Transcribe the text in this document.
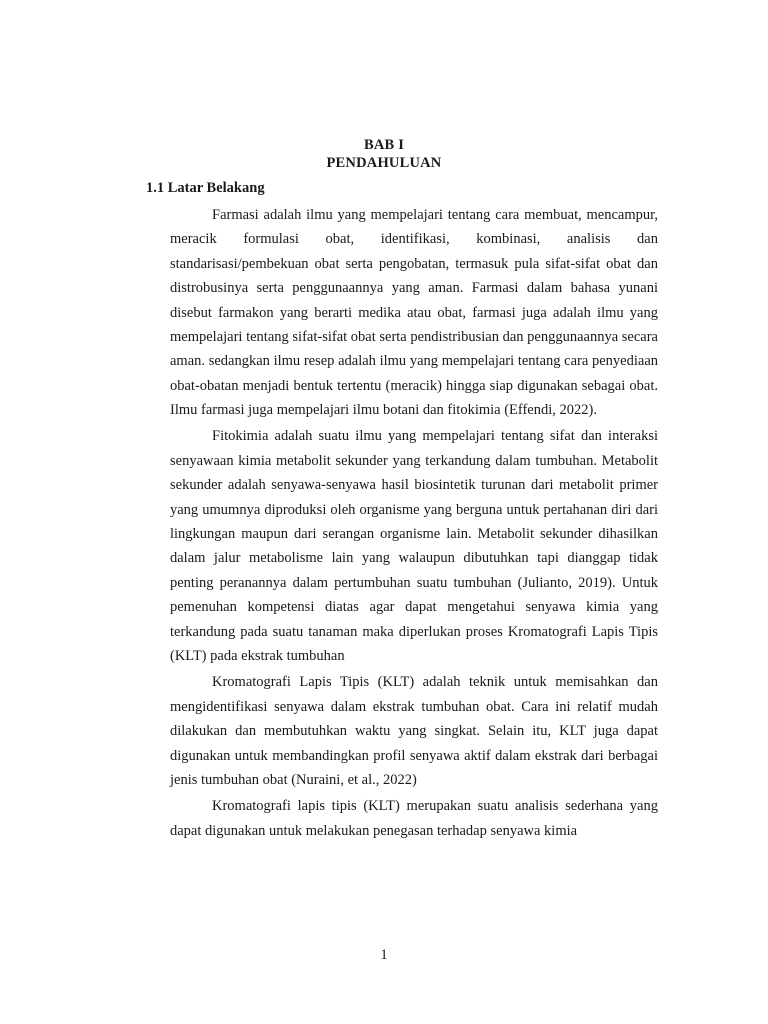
BAB I
PENDAHULUAN
1.1 Latar Belakang

Farmasi adalah ilmu yang mempelajari tentang cara membuat, mencampur, meracik formulasi obat, identifikasi, kombinasi, analisis dan standarisasi/pembekuan obat serta pengobatan, termasuk pula sifat-sifat obat dan distrobusinya serta penggunaannya yang aman. Farmasi dalam bahasa yunani disebut farmakon yang berarti medika atau obat, farmasi juga adalah ilmu yang mempelajari tentang sifat-sifat obat serta pendistribusian dan penggunaannya secara aman. sedangkan ilmu resep adalah ilmu yang mempelajari tentang cara penyediaan obat-obatan menjadi bentuk tertentu (meracik) hingga siap digunakan sebagai obat. Ilmu farmasi juga mempelajari ilmu botani dan fitokimia (Effendi, 2022).

Fitokimia adalah suatu ilmu yang mempelajari tentang sifat dan interaksi senyawaan kimia metabolit sekunder yang terkandung dalam tumbuhan. Metabolit sekunder adalah senyawa-senyawa hasil biosintetik turunan dari metabolit primer yang umumnya diproduksi oleh organisme yang berguna untuk pertahanan diri dari lingkungan maupun dari serangan organisme lain. Metabolit sekunder dihasilkan dalam jalur metabolisme lain yang walaupun dibutuhkan tapi dianggap tidak penting peranannya dalam pertumbuhan suatu tumbuhan (Julianto, 2019). Untuk pemenuhan kompetensi diatas agar dapat mengetahui senyawa kimia yang terkandung pada suatu tanaman maka diperlukan proses Kromatografi Lapis Tipis (KLT) pada ekstrak tumbuhan

Kromatografi Lapis Tipis (KLT) adalah teknik untuk memisahkan dan mengidentifikasi senyawa dalam ekstrak tumbuhan obat. Cara ini relatif mudah dilakukan dan membutuhkan waktu yang singkat. Selain itu, KLT juga dapat digunakan untuk membandingkan profil senyawa aktif dalam ekstrak dari berbagai jenis tumbuhan obat (Nuraini, et al., 2022)

Kromatografi lapis tipis (KLT) merupakan suatu analisis sederhana yang dapat digunakan untuk melakukan penegasan terhadap senyawa kimia

1
